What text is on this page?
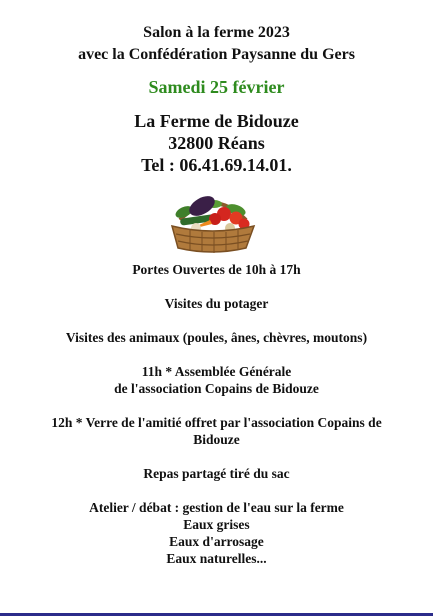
Salon à la ferme 2023
avec la Confédération Paysanne du Gers
Samedi 25 février
La Ferme de Bidouze
32800 Réans
Tel : 06.41.69.14.01.
Portes Ouvertes de 10h à 17h
Visites du potager
Visites des animaux (poules, ânes, chèvres, moutons)
11h * Assemblée Générale
de l'association Copains de Bidouze
12h * Verre de l'amitié offret par l'association Copains de
Bidouze
Repas partagé tiré du sac
Atelier / débat : gestion de l'eau sur la ferme
Eaux grises
Eaux d'arrosage
Eaux naturelles...
